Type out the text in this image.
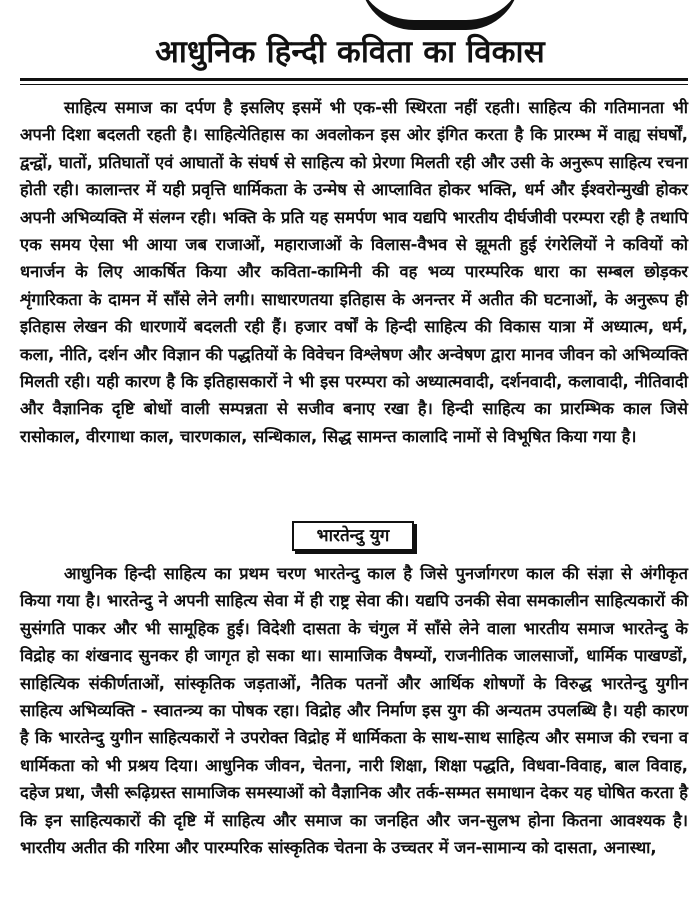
आधुनिक हिन्दी कविता का विकास

साहित्य समाज का दर्पण है इसलिए इसमें भी एक-सी स्थिरता नहीं रहती। साहित्य की गतिमानता भी अपनी दिशा बदलती रहती है। साहित्येतिहास का अवलोकन इस ओर इंगित करता है कि प्रारम्भ में वाह्य संघर्षों, द्वन्द्वों, घातों, प्रतिघातों एवं आघातों के संघर्ष से साहित्य को प्रेरणा मिलती रही और उसी के अनुरूप साहित्य रचना होती रही। कालान्तर में यही प्रवृत्ति धार्मिकता के उन्मेष से आप्लावित होकर भक्ति, धर्म और ईश्वरोन्मुखी होकर अपनी अभिव्यक्ति में संलग्न रही। भक्ति के प्रति यह समर्पण भाव यद्यपि भारतीय दीर्घजीवी परम्परा रही है तथापि एक समय ऐसा भी आया जब राजाओं, महाराजाओं के विलास-वैभव से झूमती हुई रंगरेलियों ने कवियों को धनार्जन के लिए आकर्षित किया और कविता-कामिनी की वह भव्य पारम्परिक धारा का सम्बल छोड़कर शृंगारिकता के दामन में साँसे लेने लगी। साधारणतया इतिहास के अनन्तर में अतीत की घटनाओं, के अनुरूप ही इतिहास लेखन की धारणायें बदलती रही हैं। हजार वर्षों के हिन्दी साहित्य की विकास यात्रा में अध्यात्म, धर्म, कला, नीति, दर्शन और विज्ञान की पद्धतियों के विवेचन विश्लेषण और अन्वेषण द्वारा मानव जीवन को अभिव्यक्ति मिलती रही। यही कारण है कि इतिहासकारों ने भी इस परम्परा को अध्यात्मवादी, दर्शनवादी, कलावादी, नीतिवादी और वैज्ञानिक दृष्टि बोधों वाली सम्पन्नता से सजीव बनाए रखा है। हिन्दी साहित्य का प्रारम्भिक काल जिसे रासोकाल, वीरगाथा काल, चारणकाल, सन्धिकाल, सिद्ध सामन्त कालादि नामों से विभूषित किया गया है।

भारतेन्दु युग

आधुनिक हिन्दी साहित्य का प्रथम चरण भारतेन्दु काल है जिसे पुनर्जागरण काल की संज्ञा से अंगीकृत किया गया है। भारतेन्दु ने अपनी साहित्य सेवा में ही राष्ट्र सेवा की। यद्यपि उनकी सेवा समकालीन साहित्यकारों की सुसंगति पाकर और भी सामूहिक हुई। विदेशी दासता के चंगुल में साँसे लेने वाला भारतीय समाज भारतेन्दु के विद्रोह का शंखनाद सुनकर ही जागृत हो सका था। सामाजिक वैषम्यों, राजनीतिक जालसाजों, धार्मिक पाखण्डों, साहित्यिक संकीर्णताओं, सांस्कृतिक जड़ताओं, नैतिक पतनों और आर्थिक शोषणों के विरुद्ध भारतेन्दु युगीन साहित्य अभिव्यक्ति - स्वातन्त्र्य का पोषक रहा। विद्रोह और निर्माण इस युग की अन्यतम उपलब्धि है। यही कारण है कि भारतेन्दु युगीन साहित्यकारों ने उपरोक्त विद्रोह में धार्मिकता के साथ-साथ साहित्य और समाज की रचना व धार्मिकता को भी प्रश्रय दिया। आधुनिक जीवन, चेतना, नारी शिक्षा, शिक्षा पद्धति, विधवा-विवाह, बाल विवाह, दहेज प्रथा, जैसी रूढ़िग्रस्त सामाजिक समस्याओं को वैज्ञानिक और तर्क-सम्मत समाधान देकर यह घोषित करता है कि इन साहित्यकारों की दृष्टि में साहित्य और समाज का जनहित और जन-सुलभ होना कितना आवश्यक है। भारतीय अतीत की गरिमा और पारम्परिक सांस्कृतिक चेतना के उच्चतर में जन-सामान्य को दासता, अनास्था,
